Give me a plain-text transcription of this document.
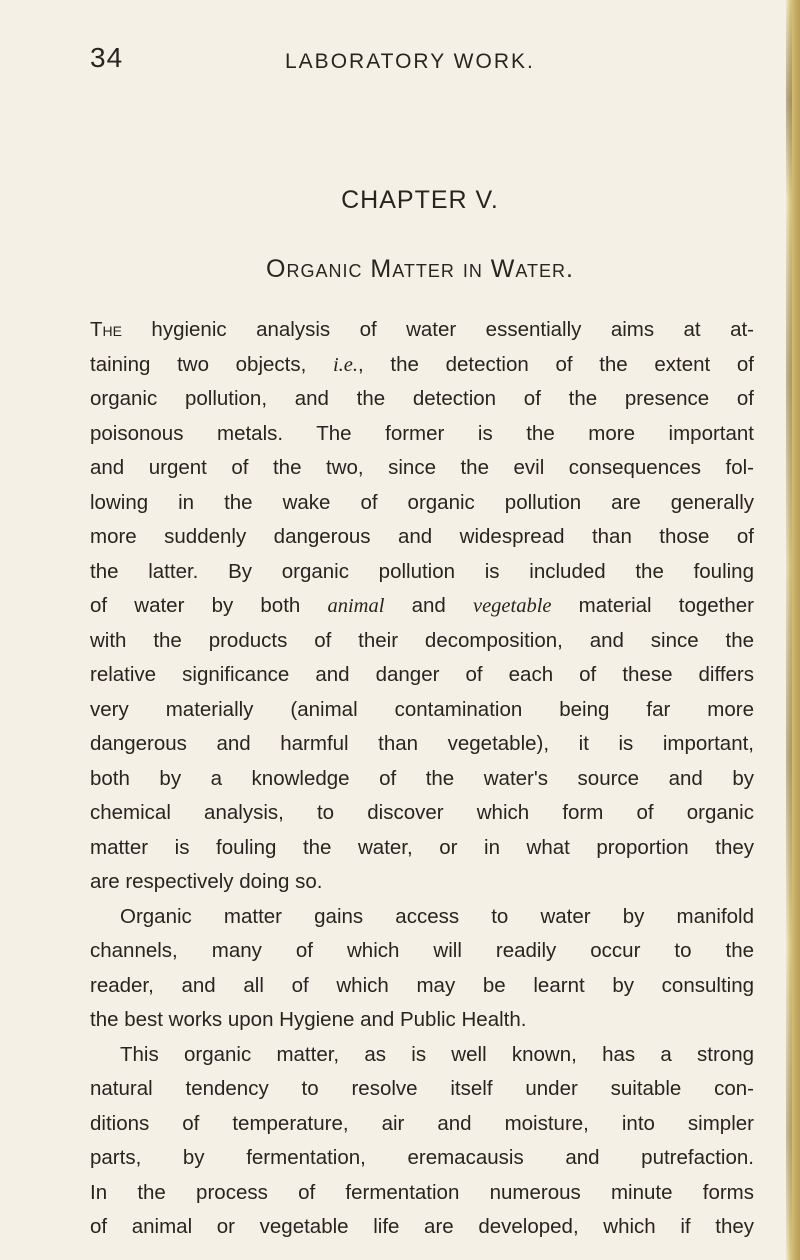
34	LABORATORY WORK.
CHAPTER V.
Organic Matter in Water.
The hygienic analysis of water essentially aims at at-
taining two objects, i.e., the detection of the extent of
organic pollution, and the detection of the presence of
poisonous metals. The former is the more important
and urgent of the two, since the evil consequences fol-
lowing in the wake of organic pollution are generally
more suddenly dangerous and widespread than those of
the latter. By organic pollution is included the fouling
of water by both animal and vegetable material together
with the products of their decomposition, and since the
relative significance and danger of each of these differs
very materially (animal contamination being far more
dangerous and harmful than vegetable), it is important,
both by a knowledge of the water's source and by
chemical analysis, to discover which form of organic
matter is fouling the water, or in what proportion they
are respectively doing so.
Organic matter gains access to water by manifold
channels, many of which will readily occur to the
reader, and all of which may be learnt by consulting
the best works upon Hygiene and Public Health.
This organic matter, as is well known, has a strong
natural tendency to resolve itself under suitable con-
ditions of temperature, air and moisture, into simpler
parts, by fermentation, eremacausis and putrefaction.
In the process of fermentation numerous minute forms
of animal or vegetable life are developed, which if they
